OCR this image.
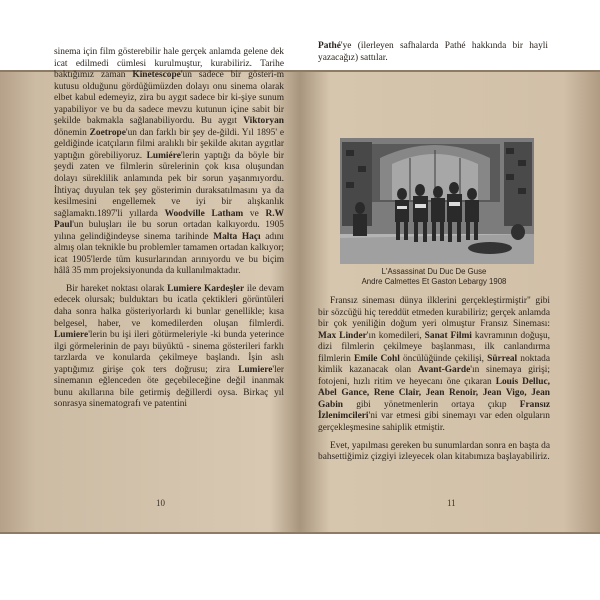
sinema için film gösterebilir hale gerçek anlamda gelene dek icat edilmedi cümlesi kurulmuştur, kurabiliriz. Tarihe baktığımız zaman Kinetescope'un sadece bir gösteri-m kutusu olduğunu gördüğümüzden dolayı onu sinema olarak elbet kabul edemeyiz, zira bu aygıt sadece bir ki-şiye sunum yapabiliyor ve bu da sadece mevzu kutunun içine sabit bir şekilde bakmakla sağlanabiliyordu. Bu aygıt Viktoryan dönemin Zoetrope'un dan farklı bir şey de-ğildi. Yıl 1895' e geldiğinde icatçıların filmi aralıklı bir şekilde akıtan aygıtlar yaptığın görebiliyoruz. Lumiére'lerin yaptığı da böyle bir şeydi zaten ve filmlerin sürelerinin çok kısa oluşundan dolayı süreklilik anlamında pek bir sorun yaşanmıyordu. İhtiyaç duyulan tek şey gösterimin duraksatılmasını ya da kesilmesini engellemek ve iyi bir alışkanlık sağlamaktı.1897'li yıllarda Woodville Latham ve R.W Paul'un buluşları ile bu sorun ortadan kalkıyordu. 1905 yılına gelindiğindeyse sinema tarihinde Malta Haçı adını almış olan teknikle bu problemler tamamen ortadan kalkıyor; icat 1905'lerde tüm kusurlarından arınıyordu ve bu biçim hâlâ 35 mm projeksiyonunda da kullanılmaktadır.

Bir hareket noktası olarak Lumiere Kardeşler ile devam edecek olursak; bulduktarı bu icatla çektikleri görüntüleri daha sonra halka gösteriyorlardı ki bunlar genellikle; kısa belgesel, haber, ve komedilerden oluşan filmlerdi. Lumiere'lerin bu işi ileri götürmeleriyle -ki bunda yeterince ilgi görmelerinin de payı büyüktü - sinema gösterileri farklı tarzlarda ve konularda çekilmeye başlandı. İşin aslı yaptığımız girişe çok ters doğrusu; zira Lumiere'ler sinemanın eğlenceden öte geçebileceğine değil inanmak bunu akıllarına bile getirmiş değillerdi oysa. Birkaç yıl sonrasya sinematografı ve patentini

10

Pathé'ye (ilerleyen safhalarda Pathé hakkında bir hayli yazacağız) sattılar.

L'Assassinat Du Duc De Guse
Andre Calmettes Et Gaston Lebargy 1908

Fransız sineması dünya ilklerini gerçekleştirmiştir" gibi bir sözcüğü hiç tereddüt etmeden kurabiliriz; gerçek anlamda bir çok yeniliğin doğum yeri olmuştur Fransız Sineması: Max Linder'ın komedileri, Sanat Filmi kavramının doğuşu, dizi filmlerin çekilmeye başlanması, ilk canlandırma filmlerin Emile Cohl öncülüğünde çekilişi, Sürreal noktada kimlik kazanacak olan Avant-Garde'ın sinemaya girişi; fotojeni, hızlı ritim ve heyecanı öne çıkaran Louis Delluc, Abel Gance, Rene Clair, Jean Renoir, Jean Vigo, Jean Gabin gibi yönetmenlerin ortaya çıkıp Fransız İzlenimcileri'ni var etmesi gibi sinemayı var eden olguların gerçekleşmesine sahiplik etmiştir.

Evet, yapılması gereken bu sunumlardan sonra en başta da bahsettiğimiz çizgiyi izleyecek olan kitabımıza başlayabiliriz.

11
